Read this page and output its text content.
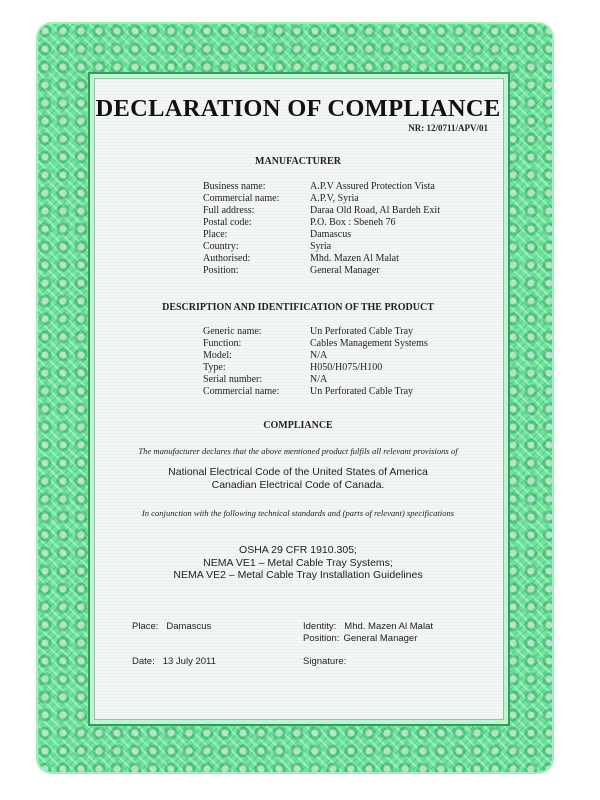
DECLARATION OF COMPLIANCE
NR: 12/0711/APV/01
MANUFACTURER
Business name:	A.P.V Assured Protection Vista
Commercial name:	A.P.V, Syria
Full address:	Daraa Old Road, Al Bardeh Exit
Postal code:	P.O. Box : Sbeneh 76
Place:	Damascus
Country:	Syria
Authorised:	Mhd. Mazen Al Malat
Position:	General Manager
DESCRIPTION AND IDENTIFICATION OF THE PRODUCT
Generic name:	Un Perforated Cable Tray
Function:	Cables Management Systems
Model:	N/A
Type:	H050/H075/H100
Serial number:	N/A
Commercial name:	Un Perforated Cable Tray
COMPLIANCE
The manufacturer declares that the above mentioned product fulfils all relevant provisions of
National Electrical Code of the United States of America
Canadian Electrical Code of Canada.
In conjunction with the following technical standards and (parts of relevant) specifications
OSHA 29 CFR 1910.305;
NEMA VE1 – Metal Cable Tray Systems;
NEMA VE2 – Metal Cable Tray Installation Guidelines
Place: Damascus
Date: 13 July 2011
Identity: Mhd. Mazen Al Malat
Position: General Manager
Signature:
